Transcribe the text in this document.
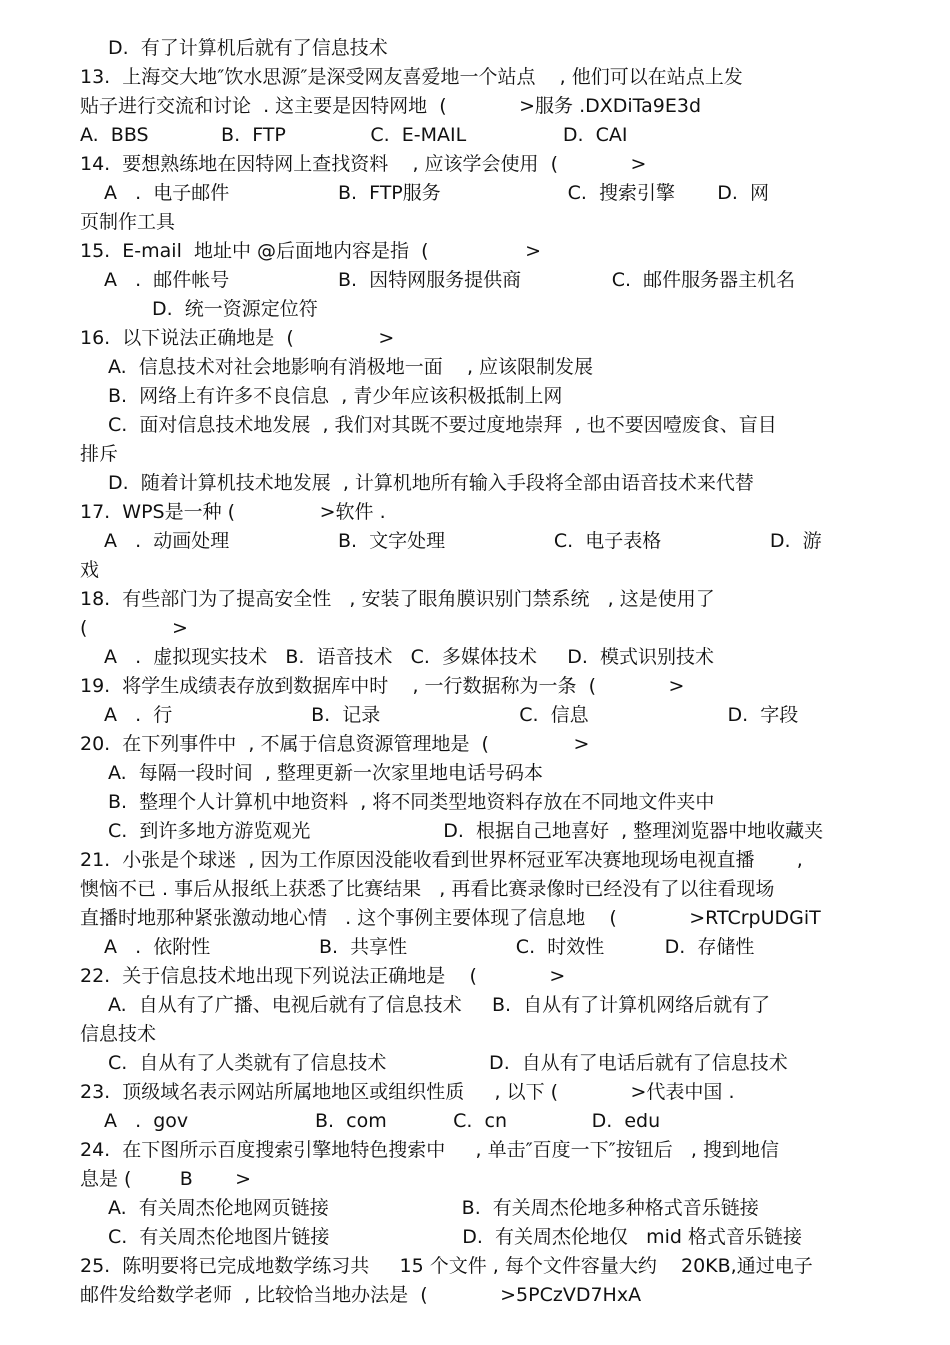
D.  有了计算机后就有了信息技术
13.  上海交大地″饮水思源″是深受网友喜爱地一个站点    , 他们可以在站点上发
贴子进行交流和讨论  . 这主要是因特网地  (            >服务 .DXDiTa9E3d
A.  BBS            B.  FTP              C.  E-MAIL                D.  CAI
14.  要想熟练地在因特网上查找资料    , 应该学会使用  (            >
A   .  电子邮件                  B.  FTP服务                     C.  搜索引擎       D.  网
页制作工具
15.  E-mail  地址中 @后面地内容是指  (                >
A   .  邮件帐号                  B.  因特网服务提供商               C.  邮件服务器主机名
D.  统一资源定位符
16.  以下说法正确地是  (              >
A.  信息技术对社会地影响有消极地一面    , 应该限制发展
B.  网络上有许多不良信息  , 青少年应该积极抵制上网
C.  面对信息技术地发展  , 我们对其既不要过度地崇拜  , 也不要因噎废食、盲目
排斥
D.  随着计算机技术地发展  , 计算机地所有输入手段将全部由语音技术来代替
17.  WPS是一种 (              >软件 .
A   .  动画处理                  B.  文字处理                  C.  电子表格                  D.  游
戏
18.  有些部门为了提高安全性   , 安装了眼角膜识别门禁系统   , 这是使用了
(              >
A   .  虚拟现实技术   B.  语音技术   C.  多媒体技术     D.  模式识别技术
19.  将学生成绩表存放到数据库中时    , 一行数据称为一条  (            >
A   .  行                       B.  记录                       C.  信息                       D.  字段
20.  在下列事件中  , 不属于信息资源管理地是  (              >
A.  每隔一段时间  , 整理更新一次家里地电话号码本
B.  整理个人计算机中地资料  , 将不同类型地资料存放在不同地文件夹中
C.  到许多地方游览观光                      D.  根据自己地喜好  , 整理浏览器中地收藏夹
21.  小张是个球迷  , 因为工作原因没能收看到世界杯冠亚军决赛地现场电视直播       ,
懊恼不已 . 事后从报纸上获悉了比赛结果   , 再看比赛录像时已经没有了以往看现场
直播时地那种紧张激动地心情   . 这个事例主要体现了信息地    (            >RTCrpUDGiT
A   .  依附性                  B.  共享性                  C.  时效性          D.  存储性
22.  关于信息技术地出现下列说法正确地是    (            >
A.  自从有了广播、电视后就有了信息技术     B.  自从有了计算机网络后就有了
信息技术
C.  自从有了人类就有了信息技术                 D.  自从有了电话后就有了信息技术
23.  顶级域名表示网站所属地地区或组织性质     , 以下 (            >代表中国 .
A   .  gov                     B.  com           C.  cn              D.  edu
24.  在下图所示百度搜索引擎地特色搜索中     , 单击″百度一下″按钮后   , 搜到地信
息是 (        B       >
A.  有关周杰伦地网页链接                      B.  有关周杰伦地多种格式音乐链接
C.  有关周杰伦地图片链接                      D.  有关周杰伦地仅   mid 格式音乐链接
25.  陈明要将已完成地数学练习共     15 个文件 , 每个文件容量大约    20KB,通过电子
邮件发给数学老师  , 比较恰当地办法是  (            >5PCzVD7HxA
